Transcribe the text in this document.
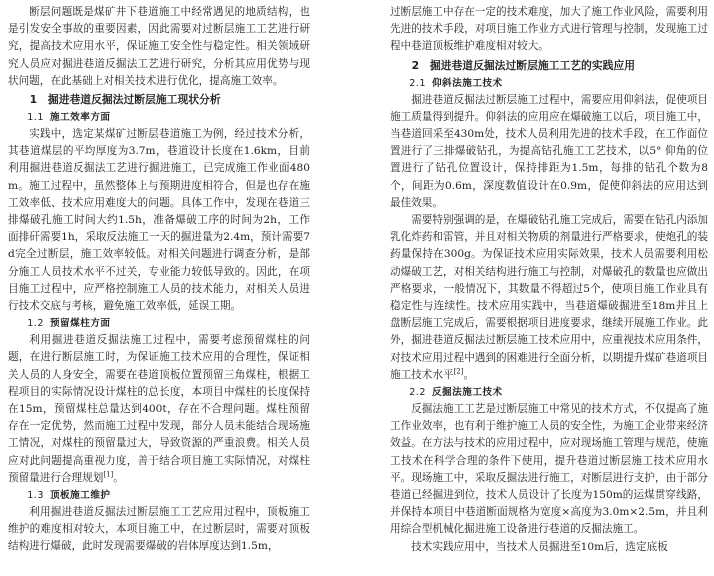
断层问题既是煤矿井下巷道施工中经常遇见的地质结构，也是引发安全事故的重要因素，因此需要对过断层施工工艺进行研究，提高技术应用水平，保证施工安全性与稳定性。相关领域研究人员应对掘进巷道反掘法工艺进行研究，分析其应用优势与现状问题，在此基础上对相关技术进行优化，提高施工效率。

1　掘进巷道反掘法过断层施工现状分析
1.1 施工效率方面

实践中，选定某煤矿过断层巷道施工为例，经过技术分析，其巷道煤层的平均厚度为3.7m，巷道设计长度在1.6km，目前利用掘进巷道反掘法工艺进行掘进施工，已完成施工作业面480m。施工过程中，虽然整体上与预期进度相符合，但是也存在施工效率低、技术应用难度大的问题。具体工作中，发现在巷道三排爆破孔施工时间大约1.5h，准备爆破工序的时间为2h，工作面排矸需要1h，采取反法施工一天的掘进量为2.4m，预计需要7d完全过断层，施工效率较低。对相关问题进行调查分析，是部分施工人员技术水平不过关，专业能力较低导致的。因此，在项目施工过程中，应严格控制施工人员的技术能力，对相关人员进行技术交底与考核，避免施工效率低，延误工期。

1.2 预留煤柱方面

利用掘进巷道反掘法施工过程中，需要考虑预留煤柱的问题，在进行断层施工时，为保证施工技术应用的合理性，保证相关人员的人身安全，需要在巷道顶板位置预留三角煤柱，根据工程项目的实际情况设计煤柱的总长度，本项目中煤柱的长度保持在15m，预留煤柱总量达到400t，存在不合理问题。煤柱预留存在一定优势，然而施工过程中发现，部分人员未能结合现场施工情况，对煤柱的预留量过大，导致资源的严重浪费。相关人员应对此问题提高重视力度，善于结合项目施工实际情况，对煤柱预留量进行合理规划[1]。

1.3 顶板施工维护

利用掘进巷道反掘法过断层施工工艺应用过程中，顶板施工维护的难度相对较大，本项目施工中，在过断层时，需要对顶板结构进行爆破，此时发现需要爆破的岩体厚度达到1.5m，

过断层施工中存在一定的技术难度，加大了施工作业风险，需要利用先进的技术手段，对项目施工作业方式进行管理与控制，发现施工过程中巷道顶板维护难度相对较大。

2　掘进巷道反掘法过断层施工工艺的实践应用
2.1 仰斜法施工技术

掘进巷道反掘法过断层施工过程中，需要应用仰斜法，促使项目施工质量得到提升。仰斜法的应用应在爆破施工以后，项目施工中，当巷道回采至430m处，技术人员利用先进的技术手段，在工作面位置进行了三排爆破钻孔，为提高钻孔施工工艺技术，以5° 仰角的位置进行了钻孔位置设计，保持排距为1.5m，每排的钻孔个数为8个，间距为0.6m，深度数值设计在0.9m，促使仰斜法的应用达到最佳效果。

需要特别强调的是，在爆破钻孔施工完成后，需要在钻孔内添加乳化炸药和雷管，并且对相关物质的剂量进行严格要求，使炮孔的装药量保持在300g。为保证技术应用实际效果，技术人员需要利用松动爆破工艺，对相关结构进行施工与控制，对爆破孔的数量也应做出严格要求，一般情况下，其数量不得超过5个，使项目施工作业具有稳定性与连续性。技术应用实践中，当巷道爆破掘进至18m并且上盘断层施工完成后，需要根据项目进度要求，继续开展施工作业。此外，掘进巷道反掘法过断层施工技术应用中，应重视技术应用条件，对技术应用过程中遇到的困难进行全面分析，以期提升煤矿巷道项目施工技术水平[2]。

2.2 反掘法施工技术

反掘法施工工艺是过断层施工中常见的技术方式，不仅提高了施工作业效率，也有利于维护施工人员的安全性，为施工企业带来经济效益。在方法与技术的应用过程中，应对现场施工管理与规范，使施工技术在科学合理的条件下使用，提升巷道过断层施工技术应用水平。现场施工中，采取反掘法进行施工，对断层进行支护，由于部分巷道已经掘进到位，技术人员设计了长度为150m的运煤贯穿线路，并保持本项目中巷道断面规格为宽度×高度为3.0m×2.5m，并且利用综合型机械化掘进施工设备进行巷道的反掘法施工。

技术实践应用中，当技术人员掘进至10m后，选定底板
